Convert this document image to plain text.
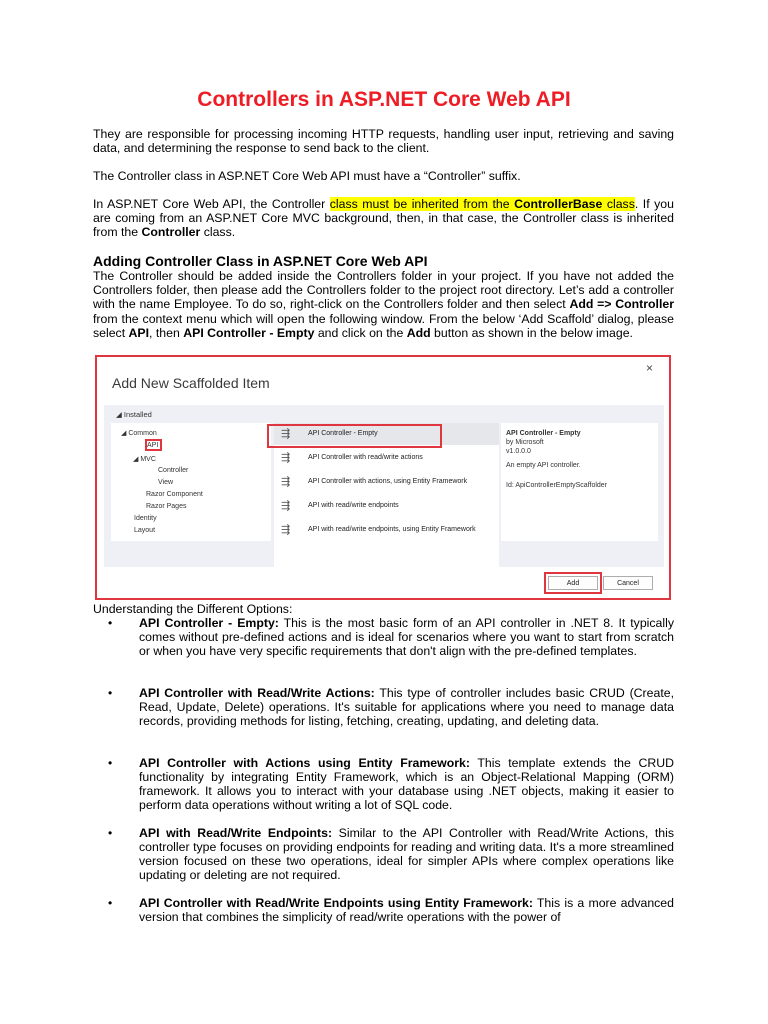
Controllers in ASP.NET Core Web API

They are responsible for processing incoming HTTP requests, handling user input, retrieving and saving data, and determining the response to send back to the client.

The Controller class in ASP.NET Core Web API must have a “Controller” suffix.

In ASP.NET Core Web API, the Controller class must be inherited from the ControllerBase class. If you are coming from an ASP.NET Core MVC background, then, in that case, the Controller class is inherited from the Controller class.

Adding Controller Class in ASP.NET Core Web API

The Controller should be added inside the Controllers folder in your project. If you have not added the Controllers folder, then please add the Controllers folder to the project root directory. Let’s add a controller with the name Employee. To do so, right-click on the Controllers folder and then select Add => Controller from the context menu which will open the following window. From the below ‘Add Scaffold’ dialog, please select API, then API Controller - Empty and click on the Add button as shown in the below image.

Add New Scaffolded Item
×
◢ Installed
◢ Common
API
◢ MVC
Controller
View
Razor Component
Razor Pages
Identity
Layout
⇶	API Controller - Empty
⇶	API Controller with read/write actions
⇶	API Controller with actions, using Entity Framework
⇶	API with read/write endpoints
⇶	API with read/write endpoints, using Entity Framework
API Controller - Empty
by Microsoft
v1.0.0.0
An empty API controller.
Id: ApiControllerEmptyScaffolder
Add	Cancel

Understanding the Different Options:

• API Controller - Empty: This is the most basic form of an API controller in .NET 8. It typically comes without pre-defined actions and is ideal for scenarios where you want to start from scratch or when you have very specific requirements that don't align with the pre-defined templates.
• API Controller with Read/Write Actions: This type of controller includes basic CRUD (Create, Read, Update, Delete) operations. It's suitable for applications where you need to manage data records, providing methods for listing, fetching, creating, updating, and deleting data.
• API Controller with Actions using Entity Framework: This template extends the CRUD functionality by integrating Entity Framework, which is an Object-Relational Mapping (ORM) framework. It allows you to interact with your database using .NET objects, making it easier to perform data operations without writing a lot of SQL code.
• API with Read/Write Endpoints: Similar to the API Controller with Read/Write Actions, this controller type focuses on providing endpoints for reading and writing data. It's a more streamlined version focused on these two operations, ideal for simpler APIs where complex operations like updating or deleting are not required.
• API Controller with Read/Write Endpoints using Entity Framework: This is a more advanced version that combines the simplicity of read/write operations with the power of
